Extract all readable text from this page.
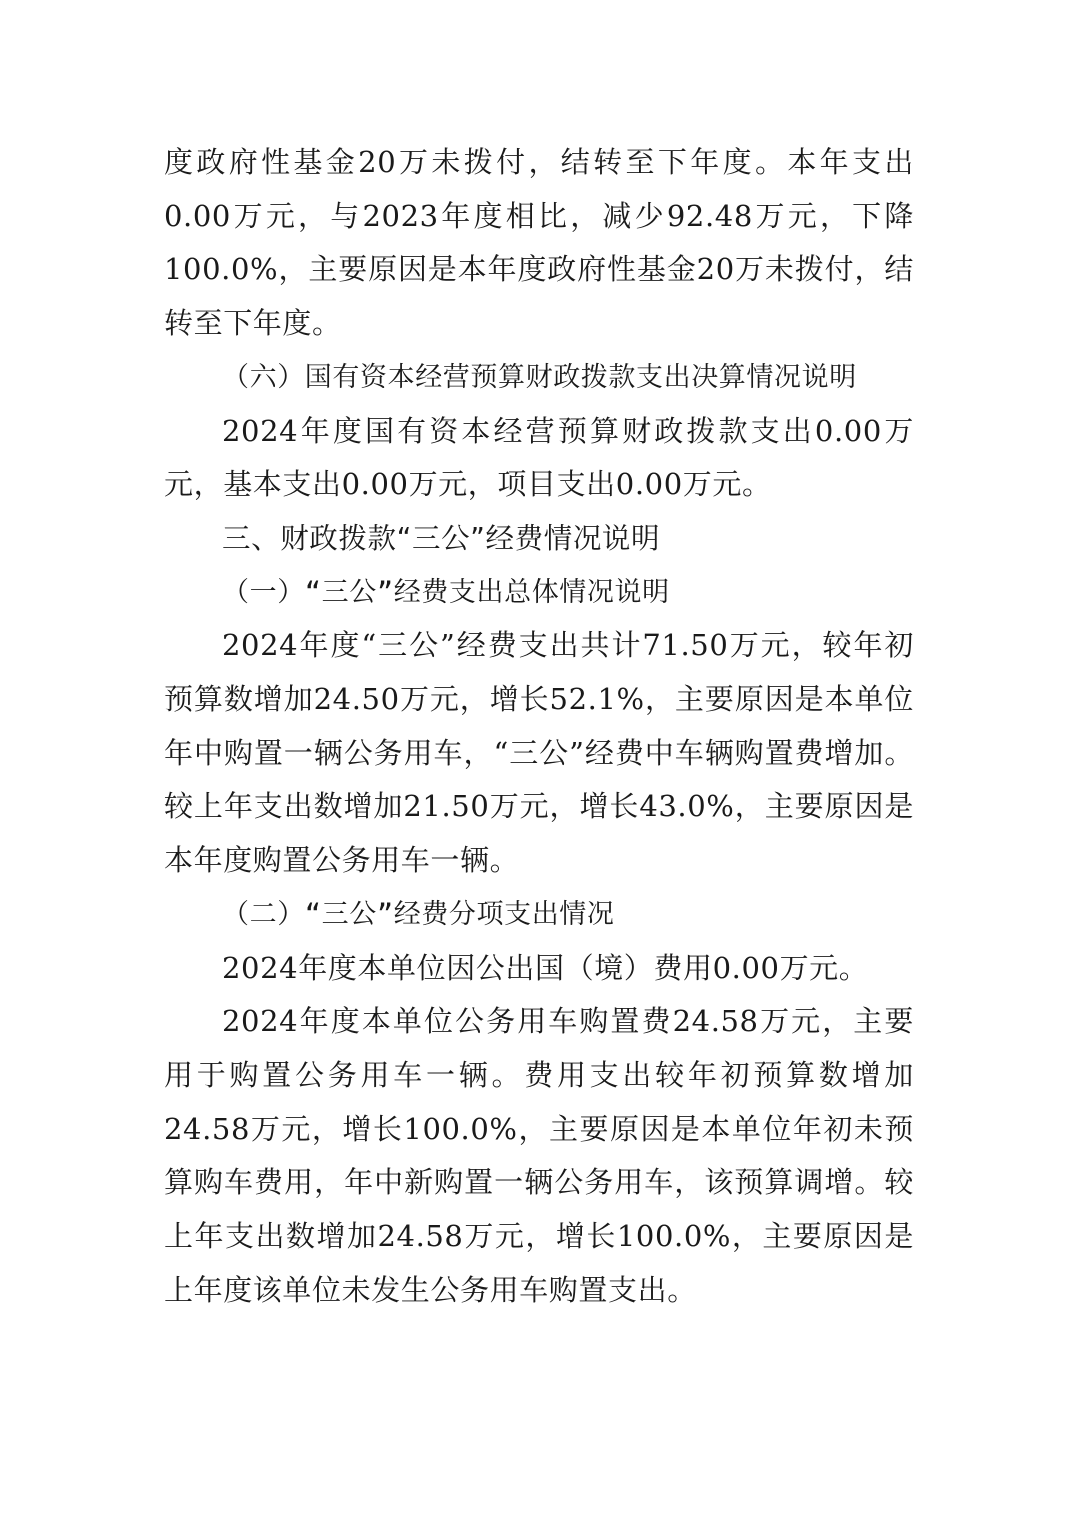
度政府性基金20万未拨付，结转至下年度。本年支出0.00万元，与2023年度相比，减少92.48万元，下降100.0%，主要原因是本年度政府性基金20万未拨付，结转至下年度。

（六）国有资本经营预算财政拨款支出决算情况说明

2024年度国有资本经营预算财政拨款支出0.00万元，基本支出0.00万元，项目支出0.00万元。

三、财政拨款“三公”经费情况说明

（一）“三公”经费支出总体情况说明

2024年度“三公”经费支出共计71.50万元，较年初预算数增加24.50万元，增长52.1%，主要原因是本单位年中购置一辆公务用车，“三公”经费中车辆购置费增加。较上年支出数增加21.50万元，增长43.0%，主要原因是本年度购置公务用车一辆。

（二）“三公”经费分项支出情况

2024年度本单位因公出国（境）费用0.00万元。

2024年度本单位公务用车购置费24.58万元，主要用于购置公务用车一辆。费用支出较年初预算数增加24.58万元，增长100.0%，主要原因是本单位年初未预算购车费用，年中新购置一辆公务用车，该预算调增。较上年支出数增加24.58万元，增长100.0%，主要原因是上年度该单位未发生公务用车购置支出。
